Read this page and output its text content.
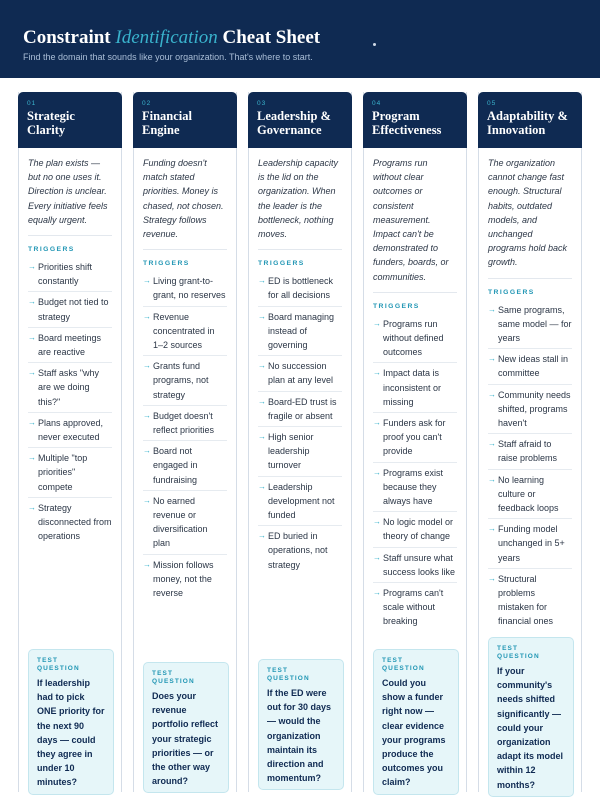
Constraint Identification Cheat Sheet
Find the domain that sounds like your organization. That's where to start.
01
Strategic Clarity
The plan exists — but no one uses it. Direction is unclear. Every initiative feels equally urgent.
TRIGGERS
→ Priorities shift constantly
→ Budget not tied to strategy
→ Board meetings are reactive
→ Staff asks "why are we doing this?"
→ Plans approved, never executed
→ Multiple "top priorities" compete
→ Strategy disconnected from operations
TEST
QUESTION
If leadership had to pick ONE priority for the next 90 days — could they agree in under 10 minutes?
02
Financial Engine
Funding doesn't match stated priorities. Money is chased, not chosen. Strategy follows revenue.
TRIGGERS
→ Living grant-to-grant, no reserves
→ Revenue concentrated in 1–2 sources
→ Grants fund programs, not strategy
→ Budget doesn't reflect priorities
→ Board not engaged in fundraising
→ No earned revenue or diversification plan
→ Mission follows money, not the reverse
TEST
QUESTION
Does your revenue portfolio reflect your strategic priorities — or the other way around?
03
Leadership & Governance
Leadership capacity is the lid on the organization. When the leader is the bottleneck, nothing moves.
TRIGGERS
→ ED is bottleneck for all decisions
→ Board managing instead of governing
→ No succession plan at any level
→ Board-ED trust is fragile or absent
→ High senior leadership turnover
→ Leadership development not funded
→ ED buried in operations, not strategy
TEST
QUESTION
If the ED were out for 30 days — would the organization maintain its direction and momentum?
04
Program Effectiveness
Programs run without clear outcomes or consistent measurement. Impact can't be demonstrated to funders, boards, or communities.
TRIGGERS
→ Programs run without defined outcomes
→ Impact data is inconsistent or missing
→ Funders ask for proof you can't provide
→ Programs exist because they always have
→ No logic model or theory of change
→ Staff unsure what success looks like
→ Programs can't scale without breaking
TEST
QUESTION
Could you show a funder right now — clear evidence your programs produce the outcomes you claim?
05
Adaptability & Innovation
The organization cannot change fast enough. Structural habits, outdated models, and unchanged programs hold back growth.
TRIGGERS
→ Same programs, same model — for years
→ New ideas stall in committee
→ Community needs shifted, programs haven't
→ Staff afraid to raise problems
→ No learning culture or feedback loops
→ Funding model unchanged in 5+ years
→ Structural problems mistaken for financial ones
TEST
QUESTION
If your community's needs shifted significantly — could your organization adapt its model within 12 months?
